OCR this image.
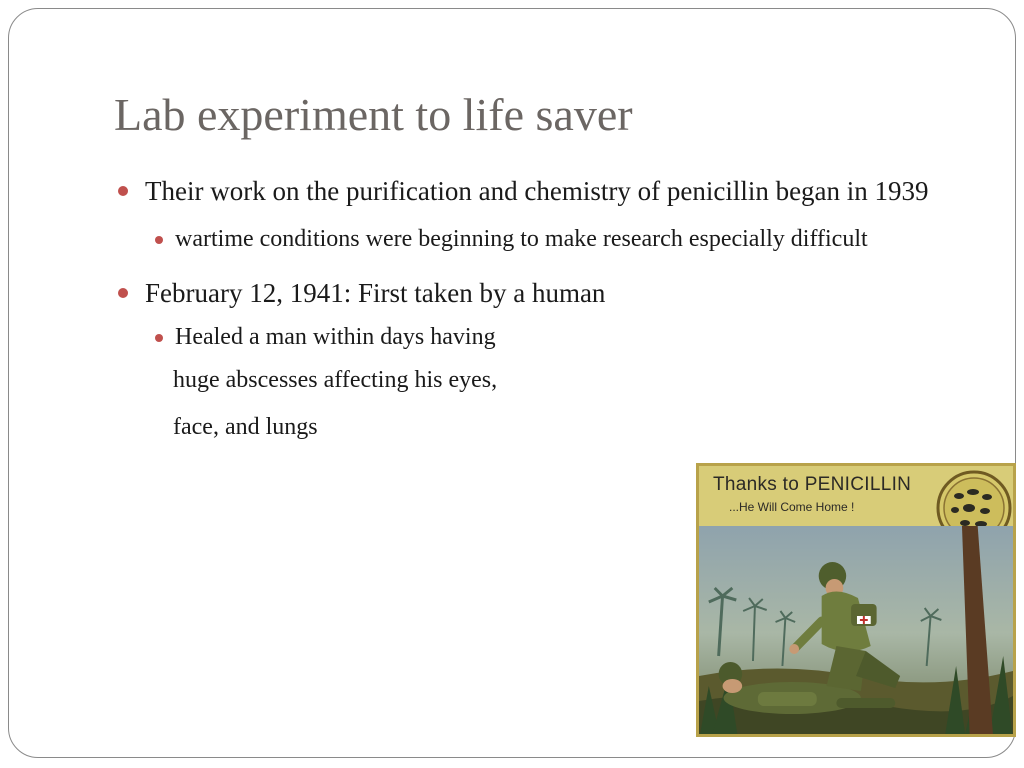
Lab experiment to life saver
Their work on the purification and chemistry of penicillin began in 1939
wartime conditions were beginning to make research especially difficult
February 12, 1941: First taken by a human
Healed a man within days having
huge abscesses affecting his eyes,
face, and lungs
Thanks to PENICILLIN
...He Will Come Home !
